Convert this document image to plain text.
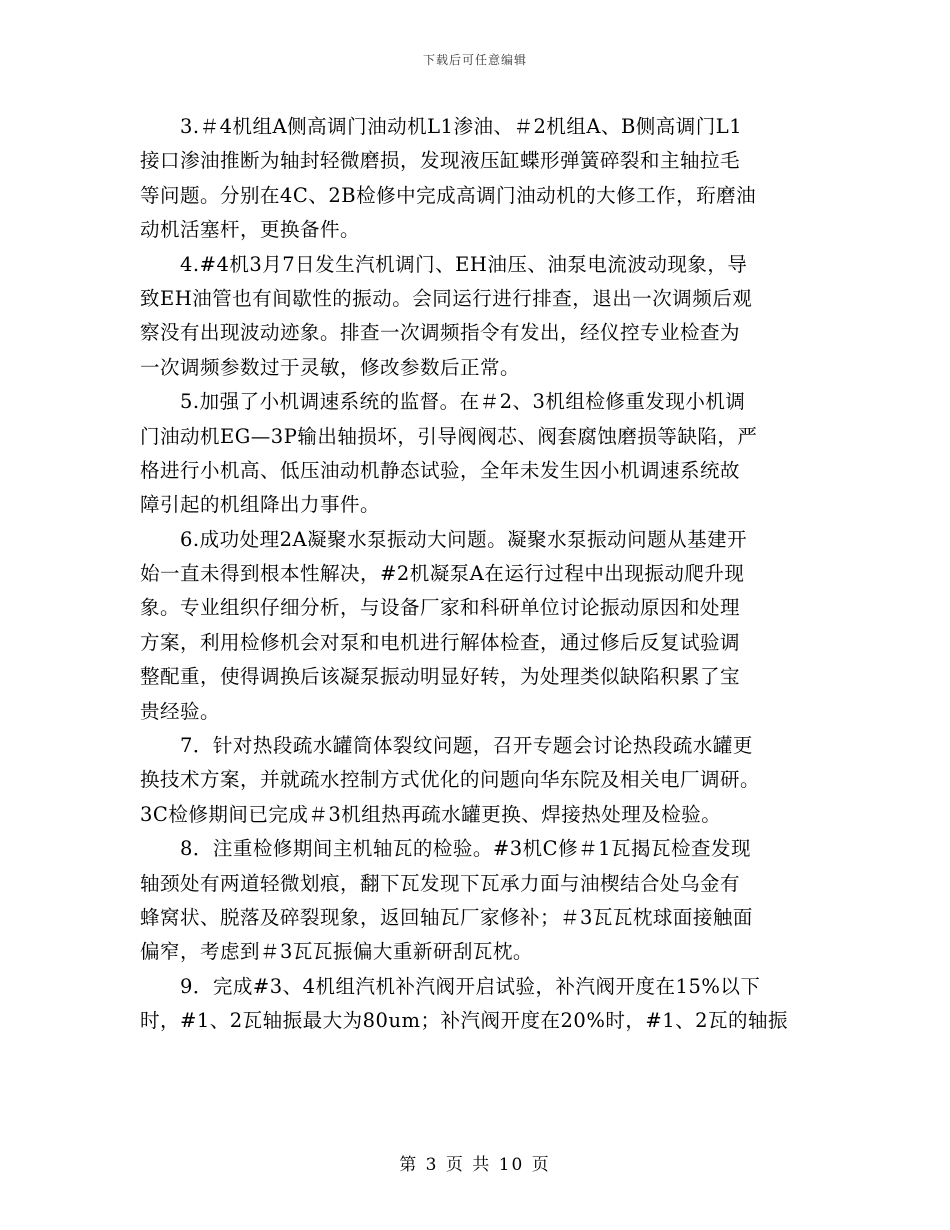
下载后可任意编辑
3.＃4机组A侧高调门油动机L1渗油、＃2机组A、B侧高调门L1
接口渗油推断为轴封轻微磨损，发现液压缸蝶形弹簧碎裂和主轴拉毛
等问题。分别在4C、2B检修中完成高调门油动机的大修工作，珩磨油
动机活塞杆，更换备件。
4.#4机3月7日发生汽机调门、EH油压、油泵电流波动现象，导
致EH油管也有间歇性的振动。会同运行进行排查，退出一次调频后观
察没有出现波动迹象。排查一次调频指令有发出，经仪控专业检查为
一次调频参数过于灵敏，修改参数后正常。
5.加强了小机调速系统的监督。在＃2、3机组检修重发现小机调
门油动机EG—3P输出轴损坏，引导阀阀芯、阀套腐蚀磨损等缺陷，严
格进行小机高、低压油动机静态试验，全年未发生因小机调速系统故
障引起的机组降出力事件。
6.成功处理2A凝聚水泵振动大问题。凝聚水泵振动问题从基建开
始一直未得到根本性解决，#2机凝泵A在运行过程中出现振动爬升现
象。专业组织仔细分析，与设备厂家和科研单位讨论振动原因和处理
方案，利用检修机会对泵和电机进行解体检查，通过修后反复试验调
整配重，使得调换后该凝泵振动明显好转，为处理类似缺陷积累了宝
贵经验。
7．针对热段疏水罐筒体裂纹问题，召开专题会讨论热段疏水罐更
换技术方案，并就疏水控制方式优化的问题向华东院及相关电厂调研。
3C检修期间已完成＃3机组热再疏水罐更换、焊接热处理及检验。
8．注重检修期间主机轴瓦的检验。#3机C修＃1瓦揭瓦检查发现
轴颈处有两道轻微划痕，翻下瓦发现下瓦承力面与油楔结合处乌金有
蜂窝状、脱落及碎裂现象，返回轴瓦厂家修补；＃3瓦瓦枕球面接触面
偏窄，考虑到＃3瓦瓦振偏大重新研刮瓦枕。
9．完成#3、4机组汽机补汽阀开启试验，补汽阀开度在15%以下
时，#1、2瓦轴振最大为80um；补汽阀开度在20%时，#1、2瓦的轴振
第 3 页 共 10 页
